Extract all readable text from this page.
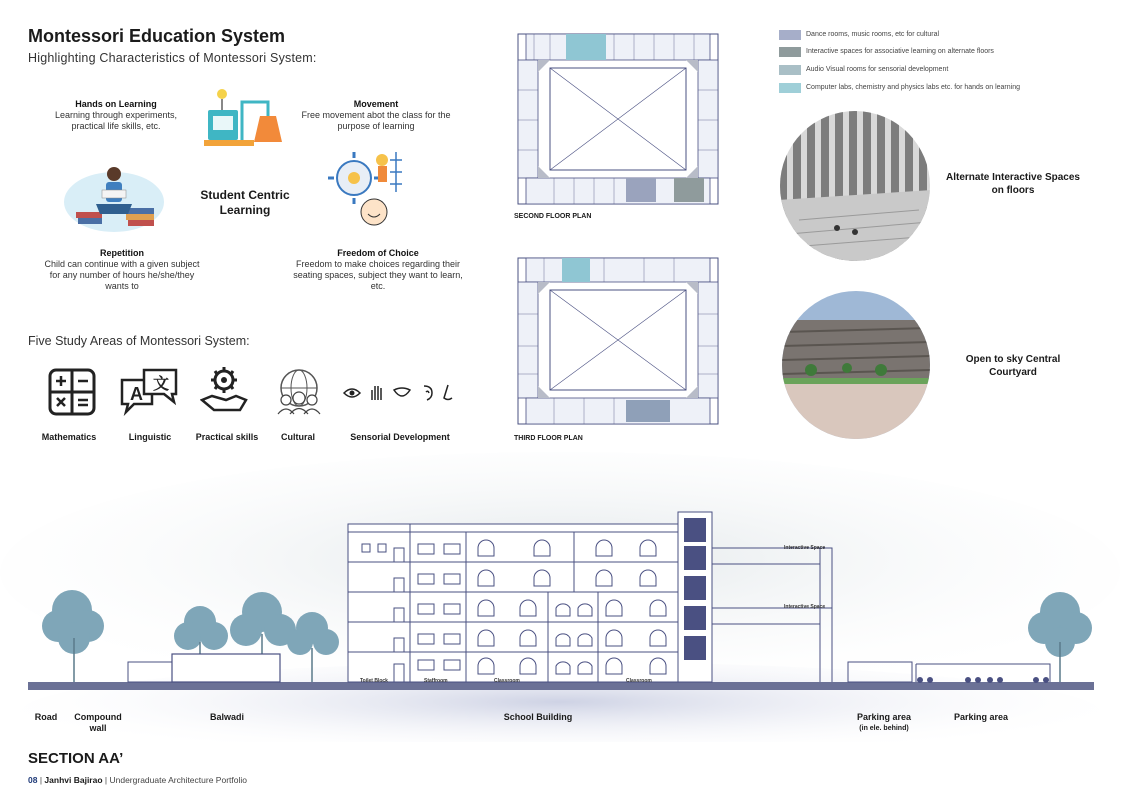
Montessori Education System
Highlighting Characteristics of Montessori System:
Hands on Learning
Learning through experiments, practical life skills, etc.
Movement
Free movement abot the class for the purpose of learning
Repetition
Child can continue with a given subject for any number of hours he/she/they wants to
Freedom of Choice
Freedom to make choices regarding their seating spaces, subject they want to learn, etc.
Student Centric Learning
Five Study Areas of Montessori System:
A
文
Mathematics	Linguistic	Practical skills	Cultural	Sensorial Development
SECOND FLOOR PLAN
THIRD FLOOR PLAN
Dance rooms, music rooms, etc for cultural
Interactive spaces for associative learning on alternate floors
Audio Visual rooms for sensorial development
Computer labs, chemistry and physics labs etc. for hands on learning
Alternate Interactive Spaces on floors
Open to sky Central Courtyard
Toilet Block	Staffroom	Classroom	Classroom
Interactive Space
Interactive Space
Road	Compound wall
Balwadi	School Building	Parking area
(in ele. behind)
Parking area
SECTION AA’
08 | Janhvi Bajirao | Undergraduate Architecture Portfolio
